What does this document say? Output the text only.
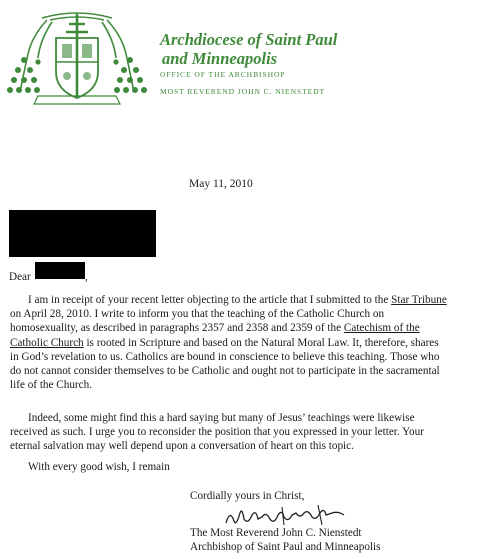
Archdiocese of Saint Paul
and Minneapolis
OFFICE OF THE ARCHBISHOP
MOST REVEREND JOHN C. NIENSTEDT
May 11, 2010
Dear	,
I am in receipt of your recent letter objecting to the article that I submitted to the Star Tribune
on April 28, 2010. I write to inform you that the teaching of the Catholic Church on
homosexuality, as described in paragraphs 2357 and 2358 and 2359 of the Catechism of the
Catholic Church is rooted in Scripture and based on the Natural Moral Law. It, therefore, shares
in God’s revelation to us. Catholics are bound in conscience to believe this teaching. Those who
do not cannot consider themselves to be Catholic and ought not to participate in the sacramental
life of the Church.
Indeed, some might find this a hard saying but many of Jesus’ teachings were likewise
received as such. I urge you to reconsider the position that you expressed in your letter. Your
eternal salvation may well depend upon a conversation of heart on this topic.
With every good wish, I remain
Cordially yours in Christ,
The Most Reverend John C. Nienstedt
Archbishop of Saint Paul and Minneapolis
